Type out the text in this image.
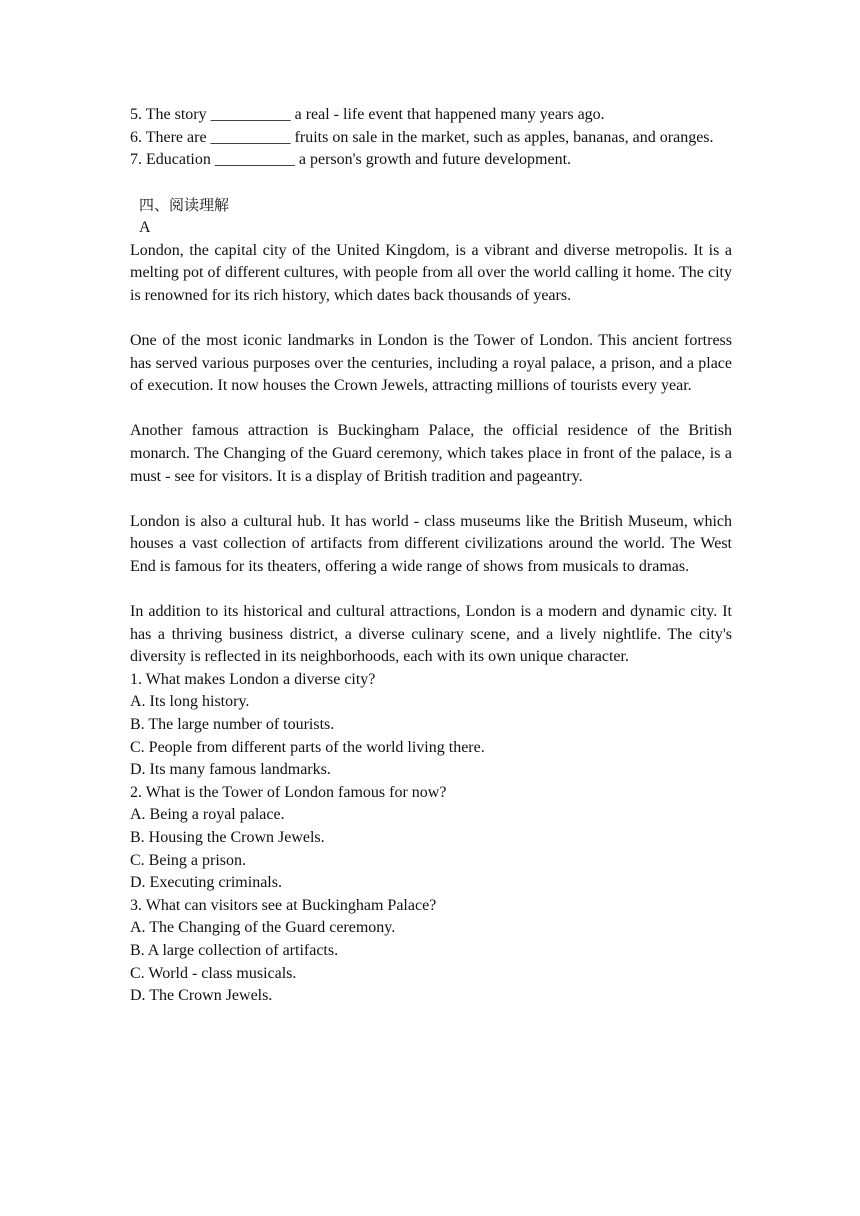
5. The story __________ a real - life event that happened many years ago.

6. There are __________ fruits on sale in the market, such as apples, bananas, and oranges.

7. Education __________ a person's growth and future development.

四、阅读理解

A

London, the capital city of the United Kingdom, is a vibrant and diverse metropolis. It is a melting pot of different cultures, with people from all over the world calling it home. The city is renowned for its rich history, which dates back thousands of years.

One of the most iconic landmarks in London is the Tower of London. This ancient fortress has served various purposes over the centuries, including a royal palace, a prison, and a place of execution. It now houses the Crown Jewels, attracting millions of tourists every year.

Another famous attraction is Buckingham Palace, the official residence of the British monarch. The Changing of the Guard ceremony, which takes place in front of the palace, is a must - see for visitors. It is a display of British tradition and pageantry.

London is also a cultural hub. It has world - class museums like the British Museum, which houses a vast collection of artifacts from different civilizations around the world. The West End is famous for its theaters, offering a wide range of shows from musicals to dramas.

In addition to its historical and cultural attractions, London is a modern and dynamic city. It has a thriving business district, a diverse culinary scene, and a lively nightlife. The city's diversity is reflected in its neighborhoods, each with its own unique character.

1. What makes London a diverse city?

A. Its long history.

B. The large number of tourists.

C. People from different parts of the world living there.

D. Its many famous landmarks.

2. What is the Tower of London famous for now?

A. Being a royal palace.

B. Housing the Crown Jewels.

C. Being a prison.

D. Executing criminals.

3. What can visitors see at Buckingham Palace?

A. The Changing of the Guard ceremony.

B. A large collection of artifacts.

C. World - class musicals.

D. The Crown Jewels.
